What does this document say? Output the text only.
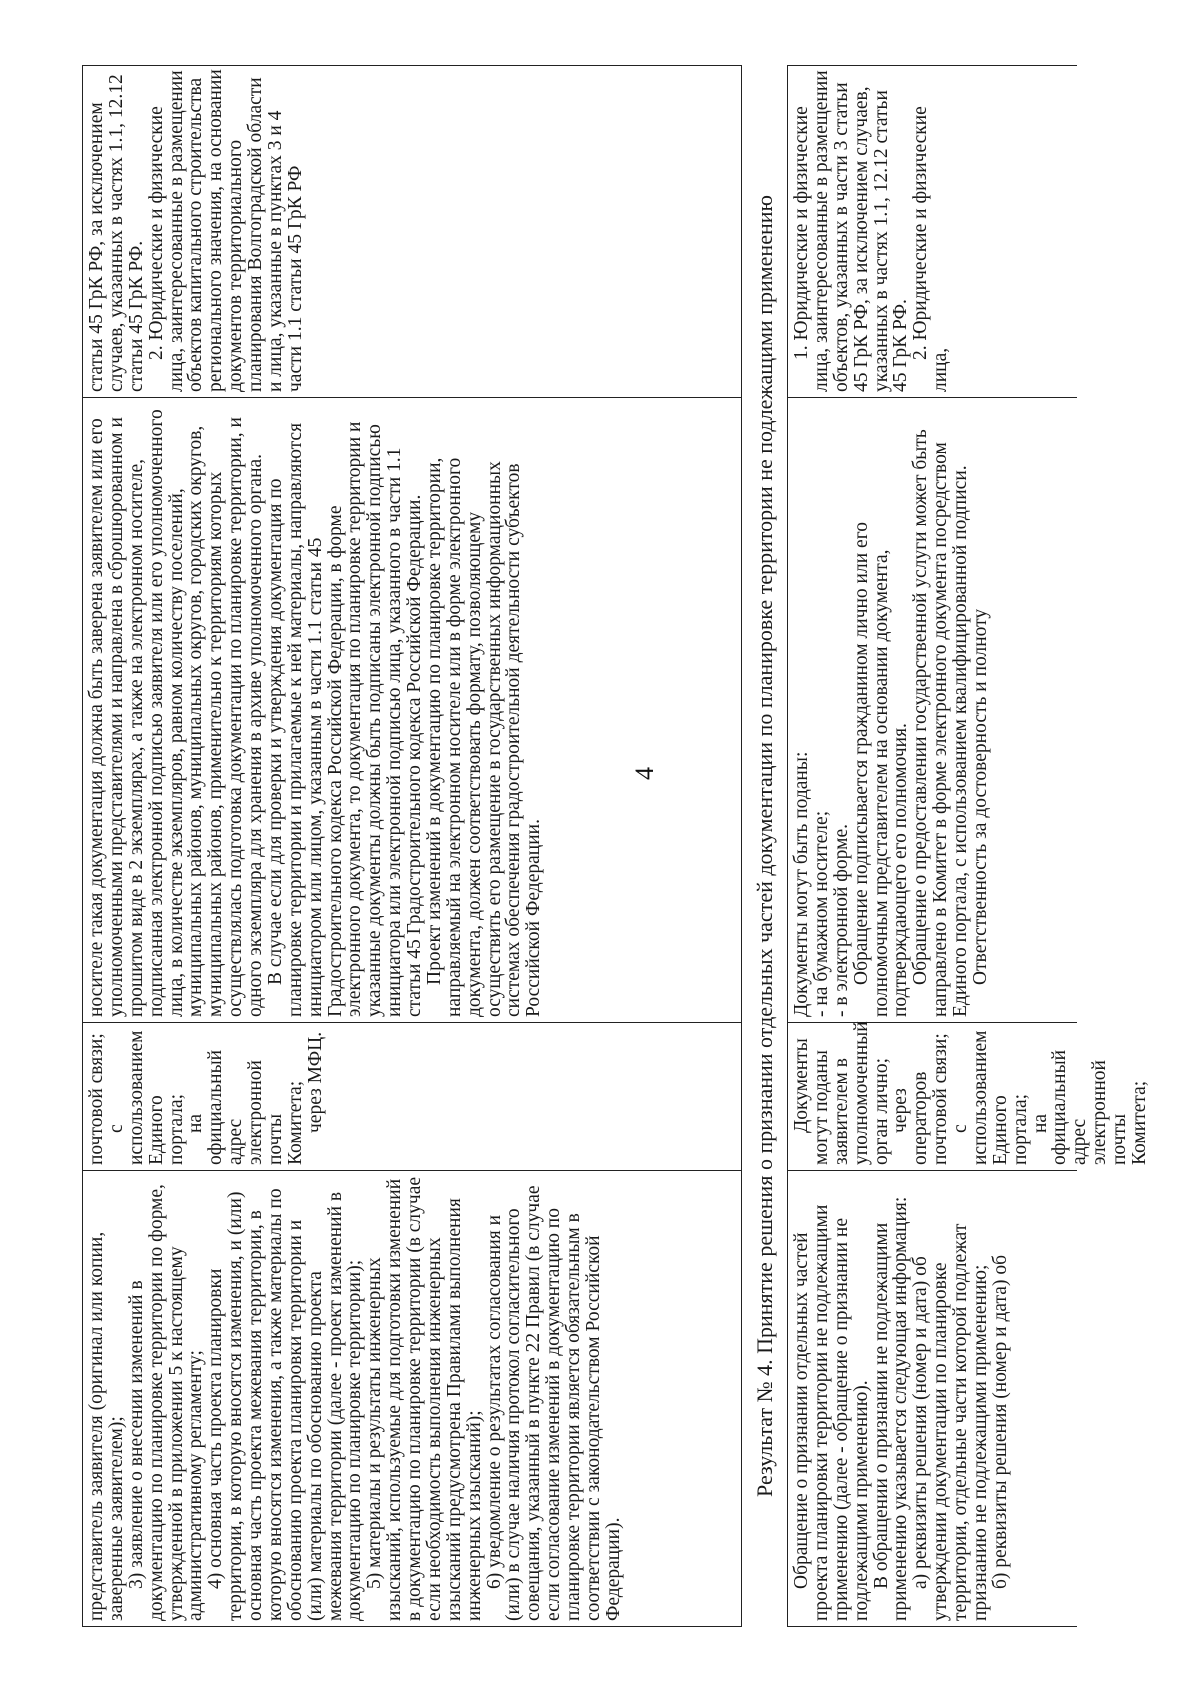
4

представитель заявителя (оригинал или копии, заверенные заявителем);

3) заявление о внесении изменений в документацию по планировке территории по форме, утвержденной в приложении 5 к настоящему административному регламенту;

4) основная часть проекта планировки территории, в которую вносятся изменения, и (или) основная часть проекта межевания территории, в которую вносятся изменения, а также материалы по обоснованию проекта планировки территории и (или) материалы по обоснованию проекта межевания территории (далее - проект изменений в документацию по планировке территории);

5) материалы и результаты инженерных изысканий, используемые для подготовки изменений в документацию по планировке территории (в случае если необходимость выполнения инженерных изысканий предусмотрена Правилами выполнения инженерных изысканий);

6) уведомление о результатах согласования и (или) в случае наличия протокол согласительного совещания, указанный в пункте 22 Правил (в случае если согласование изменений в документацию по планировке территории является обязательным в соответствии с законодательством Российской Федерации).

почтовой связи;

с использованием Единого портала;

на официальный адрес электронной почты Комитета;

через МФЦ.

носителе такая документация должна быть заверена заявителем или его уполномоченными представителями и направлена в сброшюрованном и прошитом виде в 2 экземплярах, а также на электронном носителе, подписанная электронной подписью заявителя или его уполномоченного лица, в количестве экземпляров, равном количеству поселений, муниципальных районов, муниципальных округов, городских округов, муниципальных районов, применительно к территориям которых осуществлялась подготовка документации по планировке территории, и одного экземпляра для хранения в архиве уполномоченного органа.

В случае если для проверки и утверждения документация по планировке территории и прилагаемые к ней материалы, направляются инициатором или лицом, указанным в части 1.1 статьи 45 Градостроительного кодекса Российской Федерации, в форме электронного документа, то документация по планировке территории и указанные документы должны быть подписаны электронной подписью инициатора или электронной подписью лица, указанного в части 1.1 статьи 45 Градостроительного кодекса Российской Федерации.

Проект изменений в документацию по планировке территории, направляемый на электронном носителе или в форме электронного документа, должен соответствовать формату, позволяющему осуществить его размещение в государственных информационных системах обеспечения градостроительной деятельности субъектов Российской Федерации.

статьи 45 ГрК РФ, за исключением случаев, указанных в частях 1.1, 12.12 статьи 45 ГрК РФ.

2. Юридические и физические лица, заинтересованные в размещении объектов капитального строительства регионального значения, на основании документов территориального планирования Волгоградской области и лица, указанные в пунктах 3 и 4 части 1.1 статьи 45 ГрК РФ	Результат № 4. Принятие решения о признании отдельных частей документации по планировке территории не подлежащими применению Обращение о признании отдельных частей проекта планировки территории не подлежащими применению (далее - обращение о признании не подлежащими применению).

В обращении о признании не подлежащими применению указывается следующая информация:

а) реквизиты решения (номер и дата) об утверждении документации по планировке территории, отдельные части которой подлежат признанию не подлежащими применению;

б) реквизиты решения (номер и дата) об

Документы могут поданы заявителем в уполномоченный орган лично;

через операторов почтовой связи;

с использованием Единого портала;

на официальный адрес электронной почты Комитета;

Документы могут быть поданы:

- на бумажном носителе;

- в электронной форме.

Обращение подписывается гражданином лично или его полномочным представителем на основании документа, подтверждающего его полномочия.

Обращение о предоставлении государственной услуги может быть направлено в Комитет в форме электронного документа посредством Единого портала, с использованием квалифицированной подписи.

Ответственность за достоверность и полноту

1. Юридические и физические лица, заинтересованные в размещении объектов, указанных в части 3 статьи 45 ГрК РФ, за исключением случаев, указанных в частях 1.1, 12.12 статьи 45 ГрК РФ.

2. Юридические и физические лица,
